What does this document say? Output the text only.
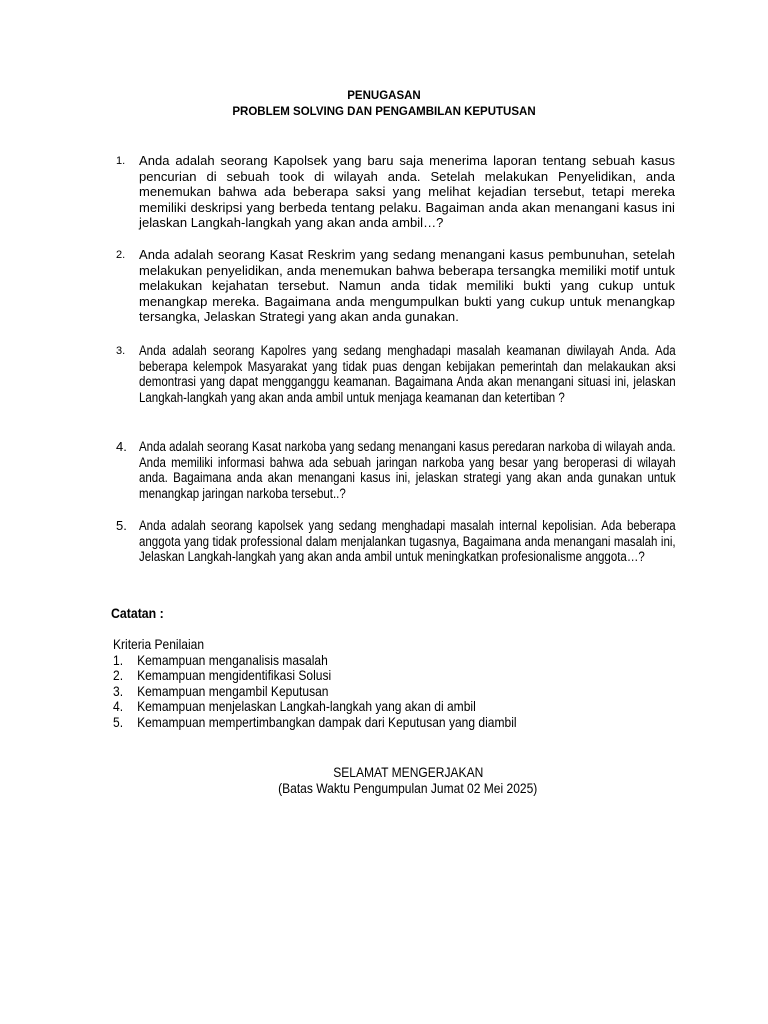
PENUGASAN
PROBLEM SOLVING DAN PENGAMBILAN KEPUTUSAN
1. Anda adalah seorang Kapolsek yang baru saja menerima laporan tentang sebuah kasus pencurian di sebuah took di wilayah anda. Setelah melakukan Penyelidikan, anda menemukan bahwa ada beberapa saksi yang melihat kejadian tersebut, tetapi mereka memiliki deskripsi yang berbeda tentang pelaku. Bagaiman anda akan menangani kasus ini jelaskan Langkah-langkah yang akan anda ambil…?
2. Anda adalah seorang Kasat Reskrim yang sedang menangani kasus pembunuhan, setelah melakukan penyelidikan, anda menemukan bahwa beberapa tersangka memiliki motif untuk melakukan kejahatan tersebut. Namun anda tidak memiliki bukti yang cukup untuk menangkap mereka. Bagaimana anda mengumpulkan bukti yang cukup untuk menangkap tersangka, Jelaskan Strategi yang akan anda gunakan.
3. Anda adalah seorang Kapolres yang sedang menghadapi masalah keamanan diwilayah Anda. Ada beberapa kelempok Masyarakat yang tidak puas dengan kebijakan pemerintah dan melakaukan aksi demontrasi yang dapat mengganggu keamanan. Bagaimana Anda akan menangani situasi ini, jelaskan Langkah-langkah yang akan anda ambil untuk menjaga keamanan dan ketertiban ?
4. Anda adalah seorang Kasat narkoba yang sedang menangani kasus peredaran narkoba di wilayah anda. Anda memiliki informasi bahwa ada sebuah jaringan narkoba yang besar yang beroperasi di wilayah anda. Bagaimana anda akan menangani kasus ini, jelaskan strategi yang akan anda gunakan untuk menangkap jaringan narkoba tersebut..?
5. Anda adalah seorang kapolsek yang sedang menghadapi masalah internal kepolisian. Ada beberapa anggota yang tidak professional dalam menjalankan tugasnya, Bagaimana anda menangani masalah ini, Jelaskan Langkah-langkah yang akan anda ambil untuk meningkatkan profesionalisme anggota…?
Catatan :
Kriteria Penilaian
1. Kemampuan menganalisis masalah
2. Kemampuan mengidentifikasi Solusi
3. Kemampuan mengambil Keputusan
4. Kemampuan menjelaskan Langkah-langkah yang akan di ambil
5. Kemampuan mempertimbangkan dampak dari Keputusan yang diambil
SELAMAT MENGERJAKAN
(Batas Waktu Pengumpulan Jumat 02 Mei 2025)
